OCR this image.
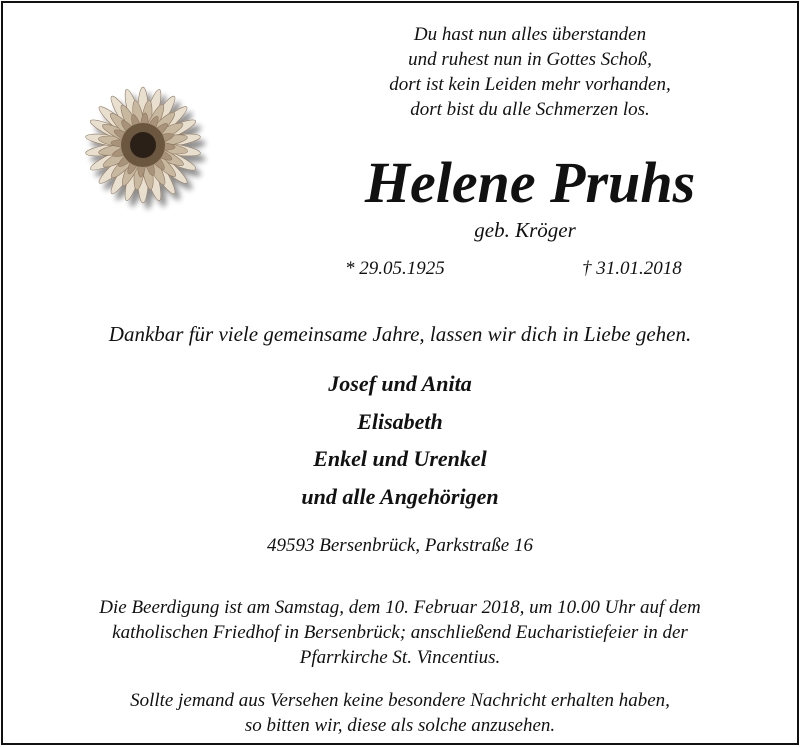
Du hast nun alles überstanden
und ruhest nun in Gottes Schoß,
dort ist kein Leiden mehr vorhanden,
dort bist du alle Schmerzen los.
Helene Pruhs
geb. Kröger
* 29.05.1925	† 31.01.2018
Dankbar für viele gemeinsame Jahre, lassen wir dich in Liebe gehen.
Josef und Anita
Elisabeth
Enkel und Urenkel
und alle Angehörigen
49593 Bersenbrück, Parkstraße 16
Die Beerdigung ist am Samstag, dem 10. Februar 2018, um 10.00 Uhr auf dem
katholischen Friedhof in Bersenbrück; anschließend Eucharistiefeier in der
Pfarrkirche St. Vincentius.
Sollte jemand aus Versehen keine besondere Nachricht erhalten haben,
so bitten wir, diese als solche anzusehen.
